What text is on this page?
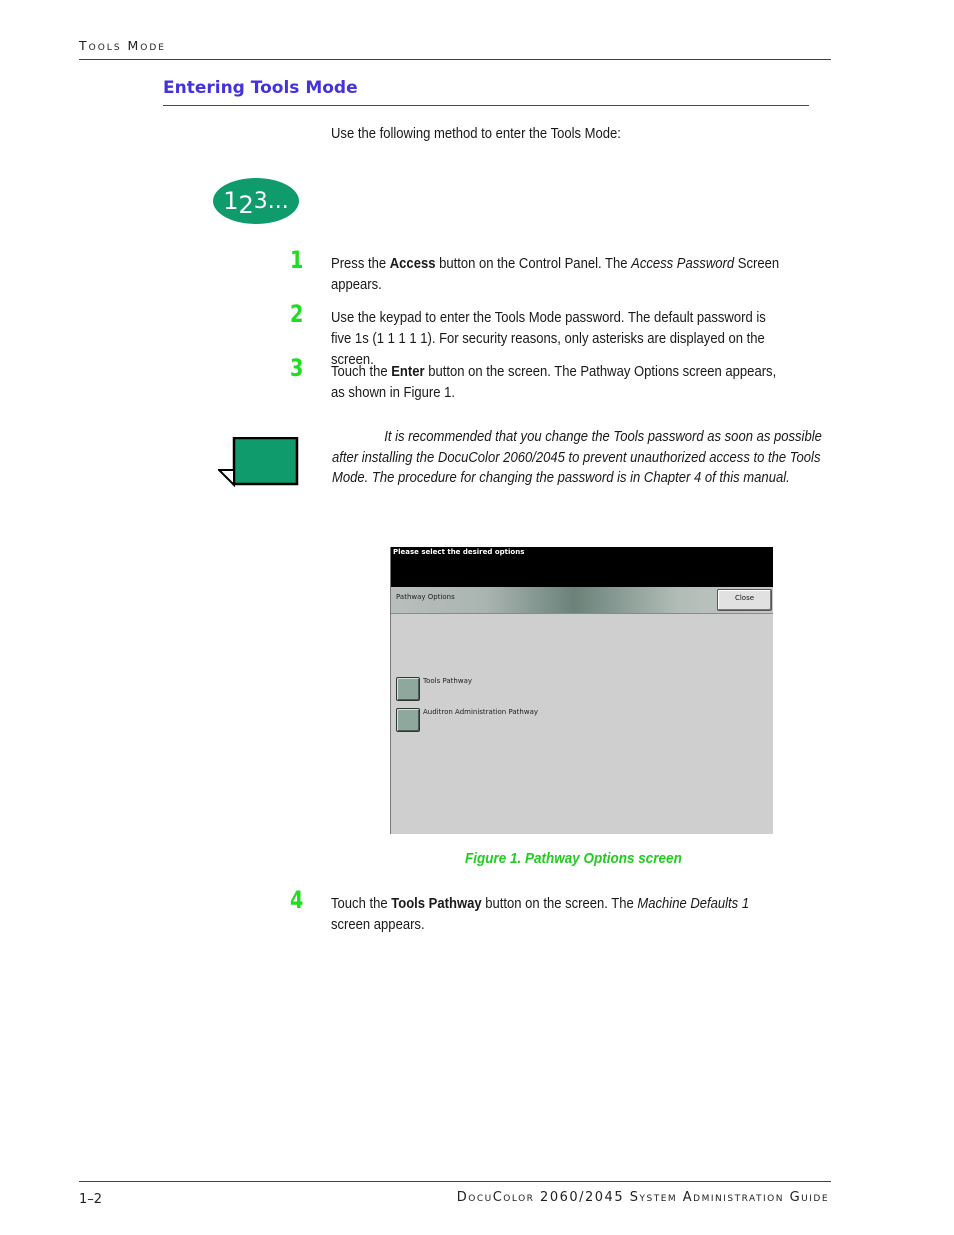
Tools Mode
Entering Tools Mode
Use the following method to enter the Tools Mode:
1 2 3...
1 Press the Access button on the Control Panel. The Access Password Screen appears.
2 Use the keypad to enter the Tools Mode password. The default password is five 1s (1 1 1 1 1). For security reasons, only asterisks are displayed on the screen.
3 Touch the Enter button on the screen. The Pathway Options screen appears, as shown in Figure 1.
It is recommended that you change the Tools password as soon as possible after installing the DocuColor 2060/2045 to prevent unauthorized access to the Tools Mode. The procedure for changing the password is in Chapter 4 of this manual.
Please select the desired options
Pathway Options	Close
Tools Pathway
Auditron Administration Pathway
Figure 1. Pathway Options screen
4 Touch the Tools Pathway button on the screen. The Machine Defaults 1 screen appears.
1–2	DocuColor 2060/2045 System Administration Guide
